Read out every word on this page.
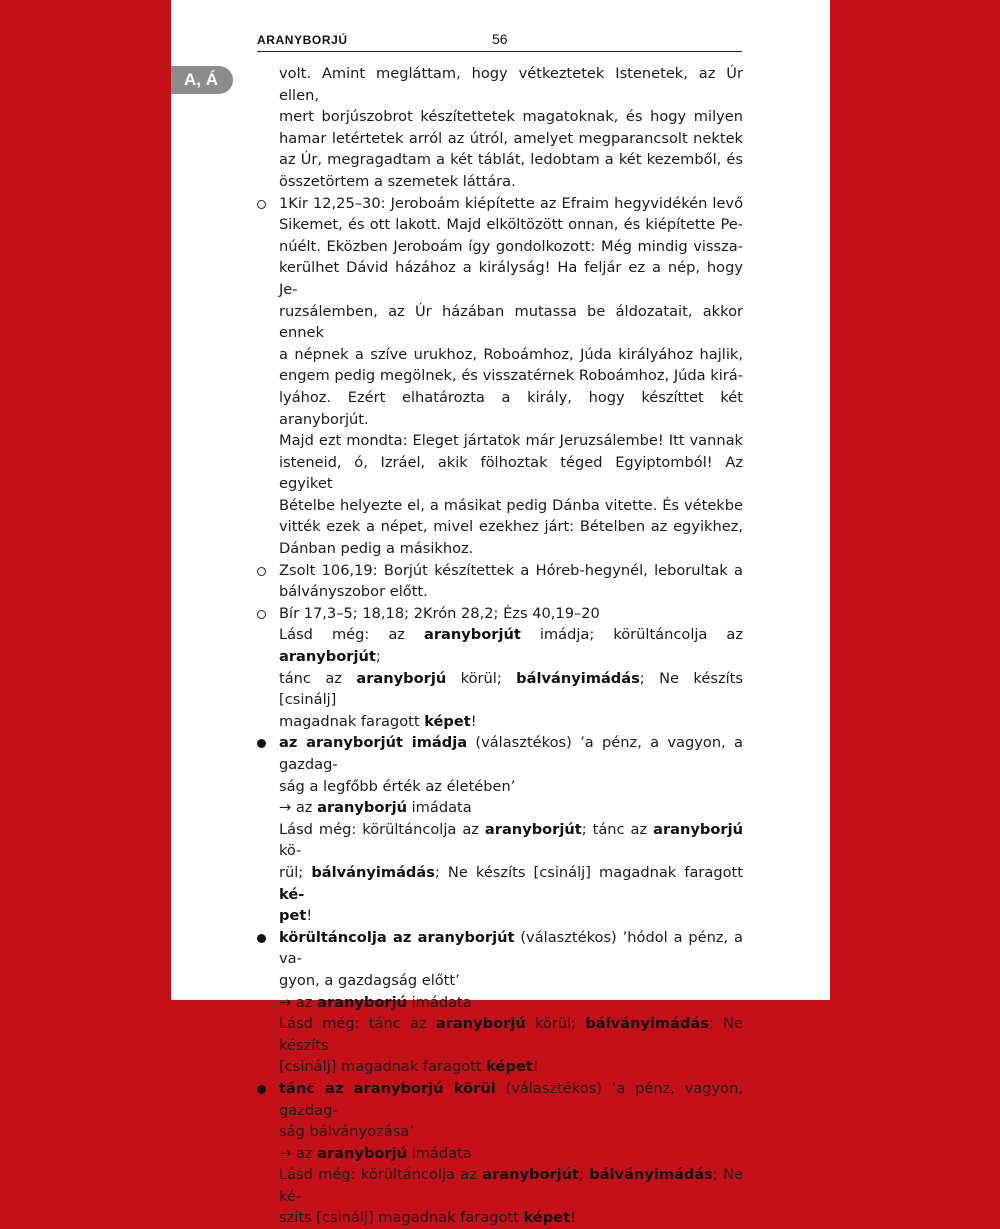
ARANYBORJÚ	56
A, Á	volt. Amint megláttam, hogy vétkeztetek Istenetek, az Úr ellen,
mert borjúszobrot készítettetek magatoknak, és hogy milyen
hamar letértetek arról az útról, amelyet megparancsolt nektek
az Úr, megragadtam a két táblát, ledobtam a két kezemből, és
összetörtem a szemetek láttára.
1Kir 12,25–30: Jeroboám kiépítette az Efraim hegyvidékén levő
Sikemet, és ott lakott. Majd elköltözött onnan, és kiépítette Pe-
núélt. Eközben Jeroboám így gondolkozott: Még mindig vissza-
kerülhet Dávid házához a királyság! Ha feljár ez a nép, hogy Je-
ruzsálemben, az Úr házában mutassa be áldozatait, akkor ennek
a népnek a szíve urukhoz, Roboámhoz, Júda királyához hajlik,
engem pedig megölnek, és visszatérnek Roboámhoz, Júda kirá-
lyához. Ezért elhatározta a király, hogy készíttet két aranyborjút.
Majd ezt mondta: Eleget jártatok már Jeruzsálembe! Itt vannak
isteneid, ó, Izráel, akik fölhoztak téged Egyiptomból! Az egyiket
Bételbe helyezte el, a másikat pedig Dánba vitette. És vétekbe
vitték ezek a népet, mivel ezekhez járt: Bételben az egyikhez,
Dánban pedig a másikhoz.
Zsolt 106,19: Borjút készítettek a Hóreb-hegynél, leborultak a
bálványszobor előtt.
Bír 17,3–5; 18,18; 2Krón 28,2; Ézs 40,19–20
Lásd még: az aranyborjút imádja; körültáncolja az aranyborjút;
tánc az aranyborjú körül; bálványimádás; Ne készíts [csinálj]
magadnak faragott képet!
az aranyborjút imádja (választékos) ’a pénz, a vagyon, a gazdag-
ság a legfőbb érték az életében’
→ az aranyborjú imádata
Lásd még: körültáncolja az aranyborjút; tánc az aranyborjú kö-
rül; bálványimádás; Ne készíts [csinálj] magadnak faragott ké-
pet!
körültáncolja az aranyborjút (választékos) ’hódol a pénz, a va-
gyon, a gazdagság előtt’
→ az aranyborjú imádata
Lásd még: tánc az aranyborjú körül; bálványimádás; Ne készíts
[csinálj] magadnak faragott képet!
tánc az aranyborjú körül (választékos) ’a pénz, vagyon, gazdag-
ság bálványozása’
→ az aranyborjú imádata
Lásd még: körültáncolja az aranyborjút; bálványimádás; Ne ké-
szíts [csinálj] magadnak faragott képet!
